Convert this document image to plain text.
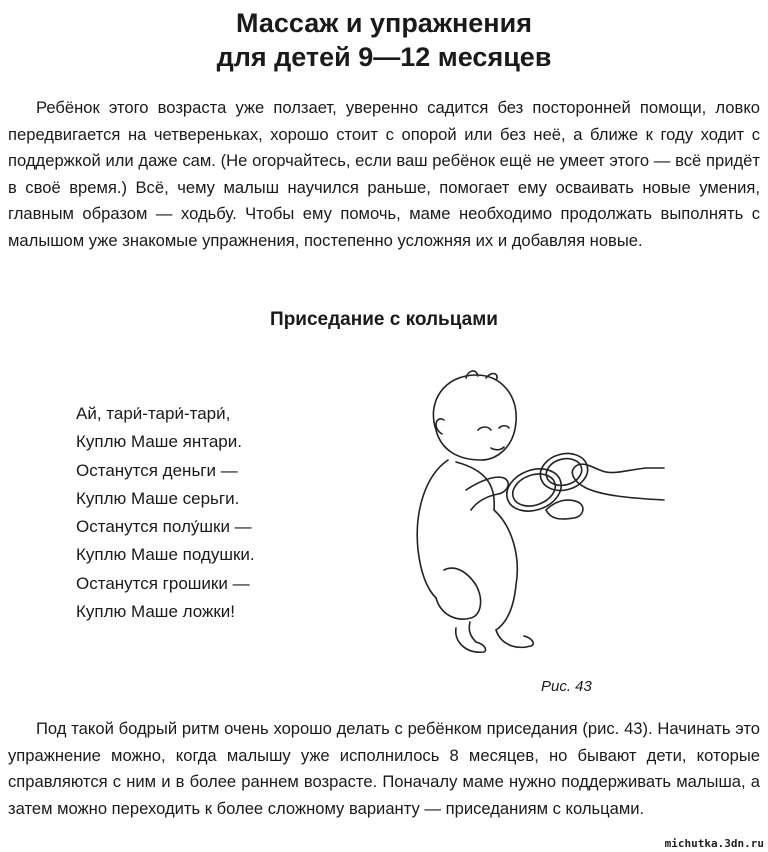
Массаж и упражнения
для детей 9—12 месяцев

Ребёнок этого возраста уже ползает, уверенно садится без посторонней помощи, ловко передвигается на четвереньках, хорошо стоит с опорой или без неё, а ближе к году ходит с поддержкой или даже сам. (Не огорчайтесь, если ваш ребёнок ещё не умеет этого — всё придёт в своё время.) Всё, чему малыш научился раньше, помогает ему осваивать новые умения, главным образом — ходьбу. Чтобы ему помочь, маме необходимо продолжать выполнять с малышом уже знакомые упражнения, постепенно усложняя их и добавляя новые.

Приседание с кольцами
Ай, тари́-тари́-тари́,
Куплю Маше янтари.
Останутся деньги —
Куплю Маше серьги.
Останутся полу́шки —
Куплю Маше подушки.
Останутся грошики —
Куплю Маше ложки!
Рис. 43

Под такой бодрый ритм очень хорошо делать с ребёнком приседания (рис. 43). Начинать это упражнение можно, когда малышу уже исполнилось 8 месяцев, но бывают дети, которые справляются с ним и в более раннем возрасте. Поначалу маме нужно поддерживать малыша, а затем можно переходить к более сложному варианту — приседаниям с кольцами.

michutka.3dn.ru
